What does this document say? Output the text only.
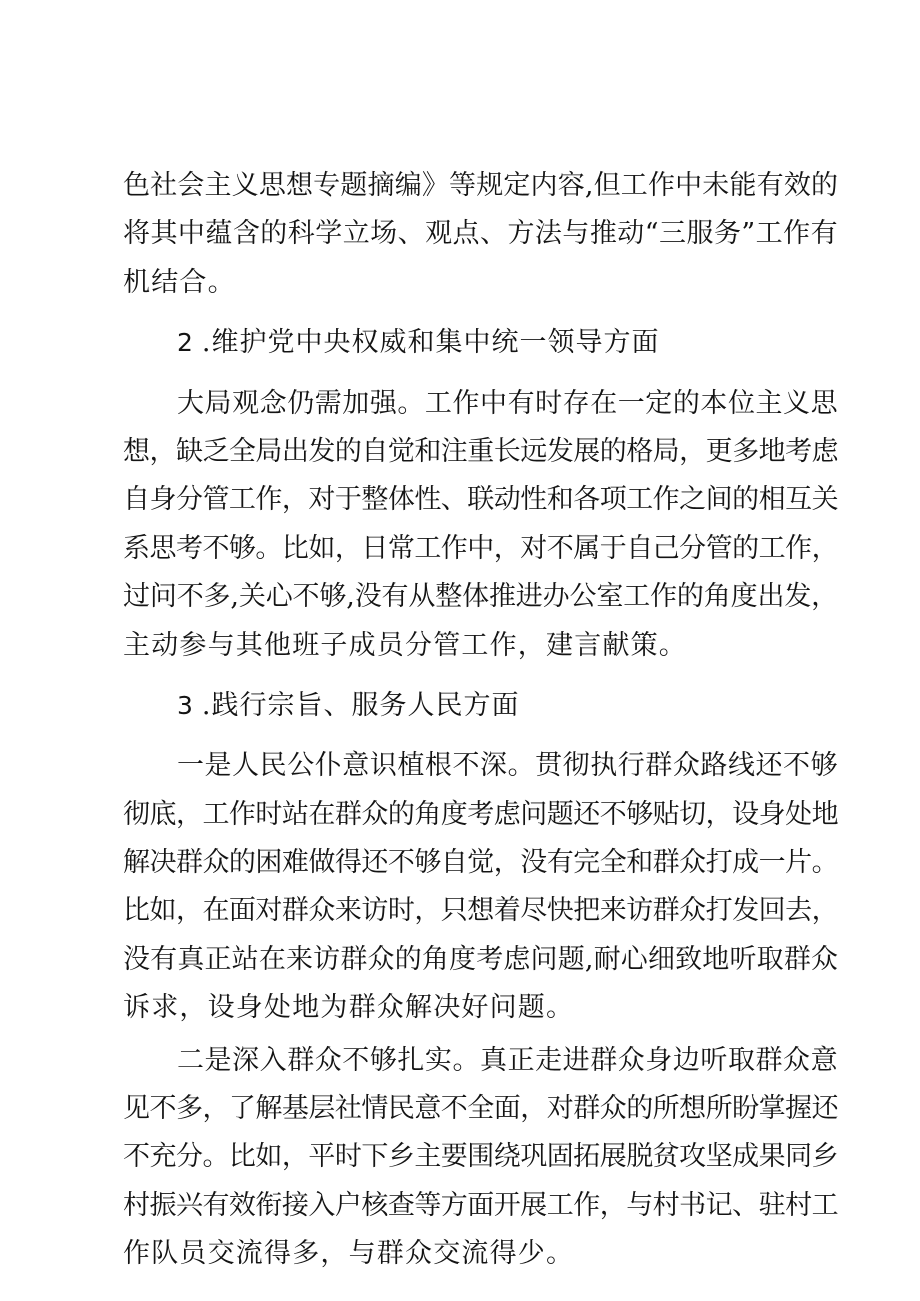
色社会主义思想专题摘编》等规定内容,但工作中未能有效的
将其中蕴含的科学立场、观点、方法与推动“三服务”工作有
机结合。
2 .维护党中央权威和集中统一领导方面
大局观念仍需加强。工作中有时存在一定的本位主义思
想，缺乏全局出发的自觉和注重长远发展的格局，更多地考虑
自身分管工作，对于整体性、联动性和各项工作之间的相互关
系思考不够。比如，日常工作中，对不属于自己分管的工作，
过问不多,关心不够,没有从整体推进办公室工作的角度出发，
主动参与其他班子成员分管工作，建言献策。
3 .践行宗旨、服务人民方面
一是人民公仆意识植根不深。贯彻执行群众路线还不够
彻底，工作时站在群众的角度考虑问题还不够贴切，设身处地
解决群众的困难做得还不够自觉，没有完全和群众打成一片。
比如，在面对群众来访时，只想着尽快把来访群众打发回去，
没有真正站在来访群众的角度考虑问题,耐心细致地听取群众
诉求，设身处地为群众解决好问题。
二是深入群众不够扎实。真正走进群众身边听取群众意
见不多，了解基层社情民意不全面，对群众的所想所盼掌握还
不充分。比如，平时下乡主要围绕巩固拓展脱贫攻坚成果同乡
村振兴有效衔接入户核查等方面开展工作，与村书记、驻村工
作队员交流得多，与群众交流得少。
